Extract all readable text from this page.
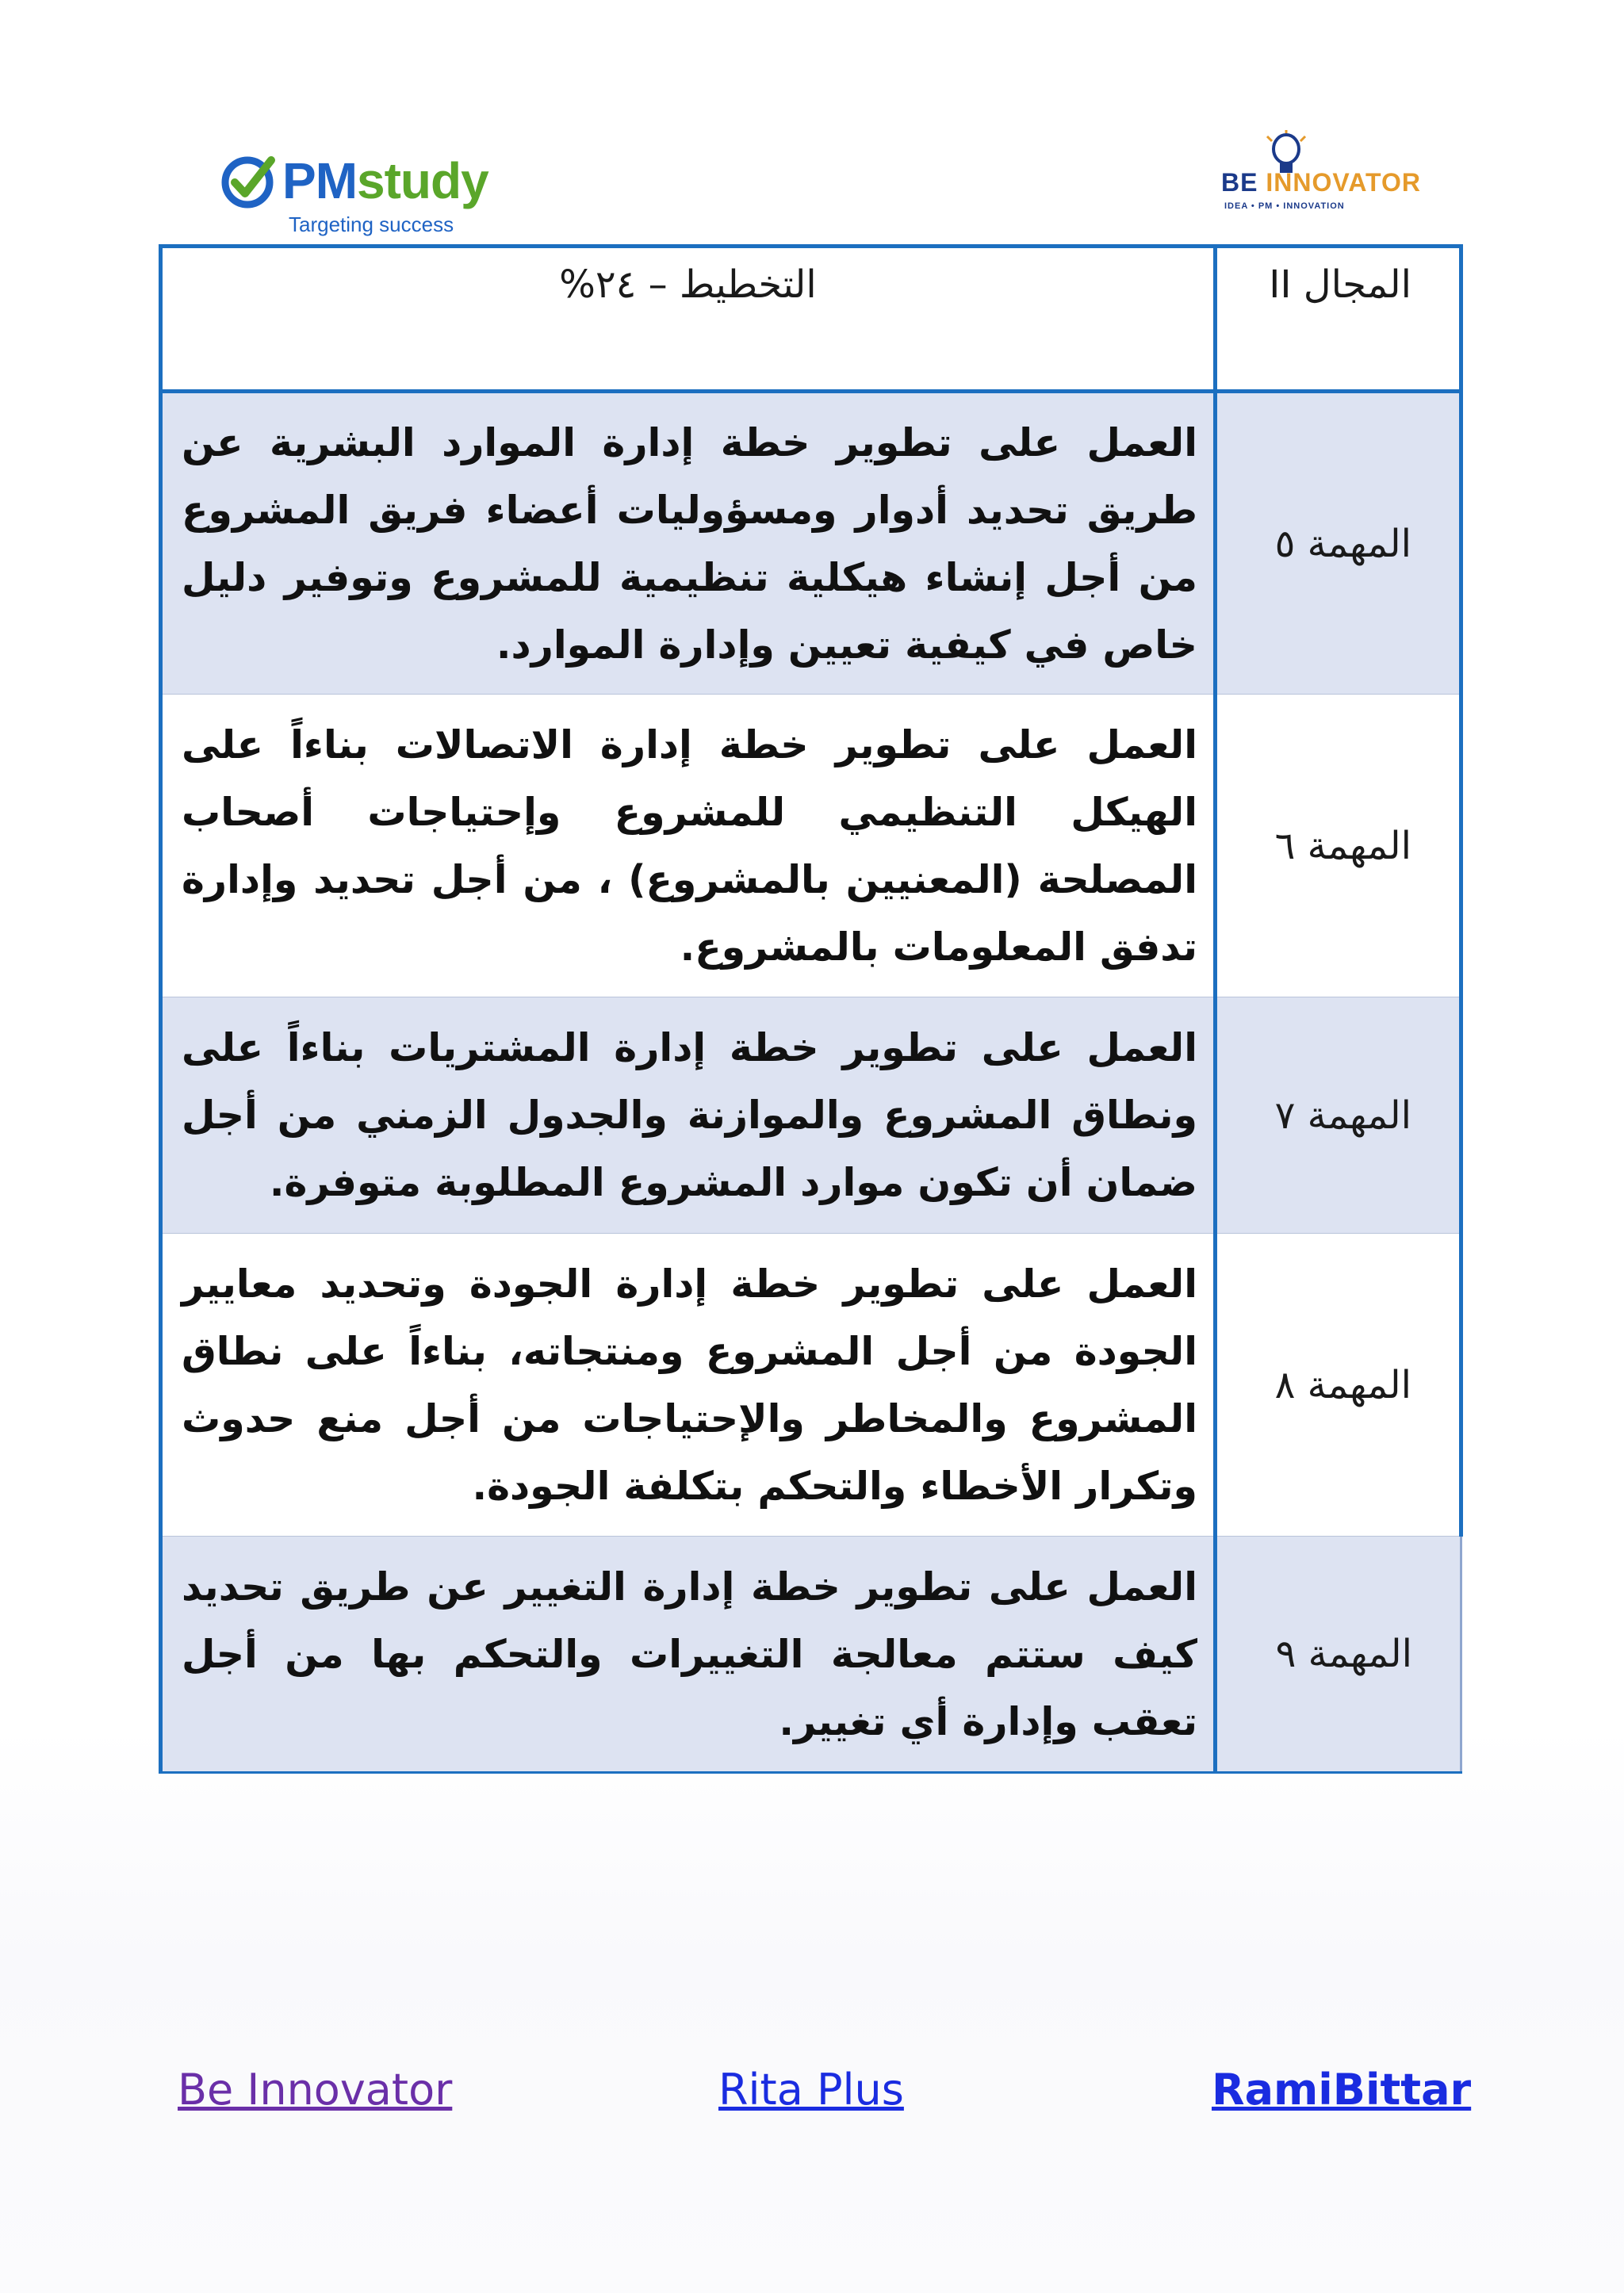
PMstudy
Targeting success
BE INNOVATOR
IDEA • PM • INNOVATION
المجال II	التخطيط – ٢٤%
المهمة ٥	العمل على تطوير خطة إدارة الموارد البشرية عن طريق تحديد أدوار ومسؤوليات أعضاء فريق المشروع من أجل إنشاء هيكلية تنظيمية للمشروع وتوفير دليل خاص في كيفية تعيين وإدارة الموارد.
المهمة ٦	العمل على تطوير خطة إدارة الاتصالات بناءاً على الهيكل التنظيمي للمشروع وإحتياجات أصحاب المصلحة (المعنيين بالمشروع) ، من أجل تحديد وإدارة تدفق المعلومات بالمشروع.
المهمة ٧	العمل على تطوير خطة إدارة المشتريات بناءاً على ونطاق المشروع والموازنة والجدول الزمني من أجل ضمان أن تكون موارد المشروع المطلوبة متوفرة.
المهمة ٨	العمل على تطوير خطة إدارة الجودة وتحديد معايير الجودة من أجل المشروع ومنتجاته، بناءاً على نطاق المشروع والمخاطر والإحتياجات من أجل منع حدوث وتكرار الأخطاء والتحكم بتكلفة الجودة.
المهمة ٩	العمل على تطوير خطة إدارة التغيير عن طريق تحديد كيف ستتم معالجة التغييرات والتحكم بها من أجل تعقب وإدارة أي تغيير.
Be Innovator	Rita Plus	RamiBittar
